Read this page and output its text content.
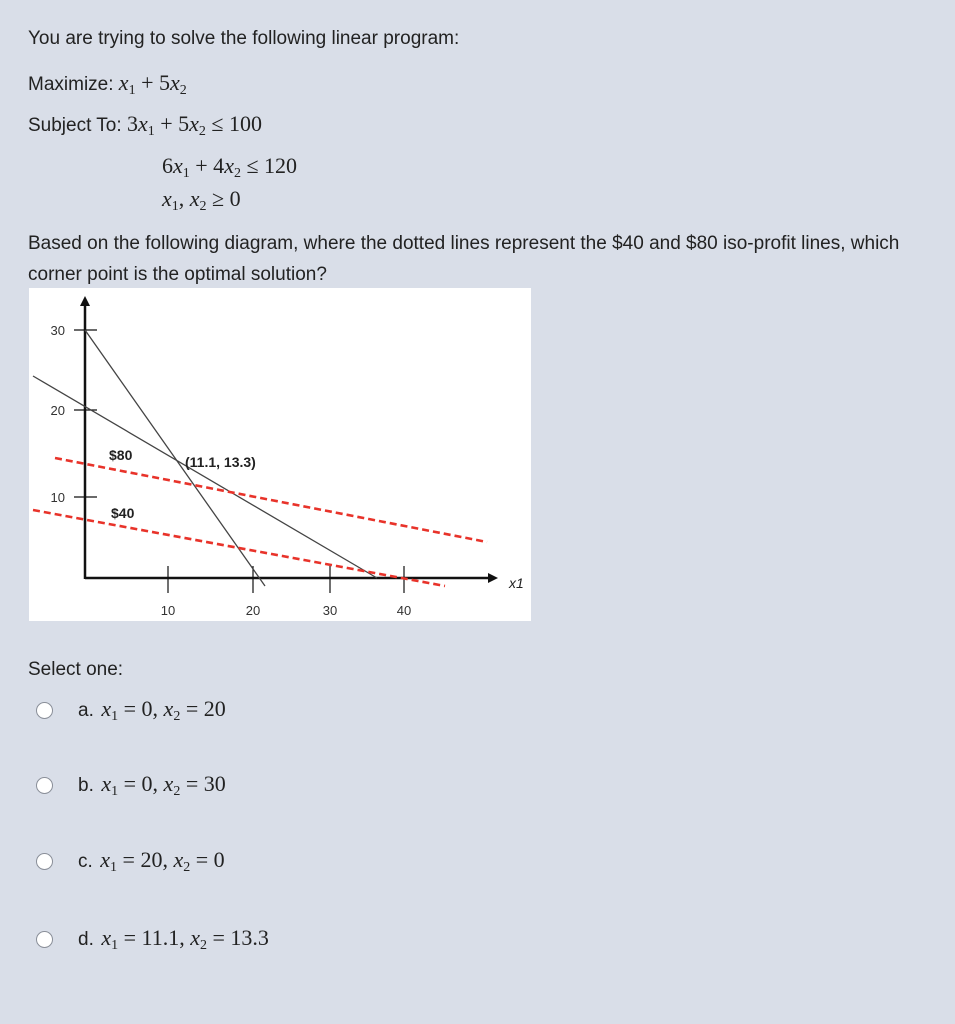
You are trying to solve the following linear program:
Maximize: $x_1 + 5x_2$
Subject To: $3x_1 + 5x_2 \le 100$
$6x_1 + 4x_2 \le 120$
$x_1$, $x_2 \ge 0$
Based on the following diagram, where the dotted lines represent the $40 and $80 iso-profit lines, which corner point is the optimal solution?
30
20
10
10	20	30	40
$80
$40
(11.1, 13.3)
x1
Select one:
a. $x_1 = 0$, $x_2 = 20$
b. $x_1 = 0$, $x_2 = 30$
c. $x_1 = 20$, $x_2 = 0$
d. $x_1 = 11.1$, $x_2 = 13.3$
